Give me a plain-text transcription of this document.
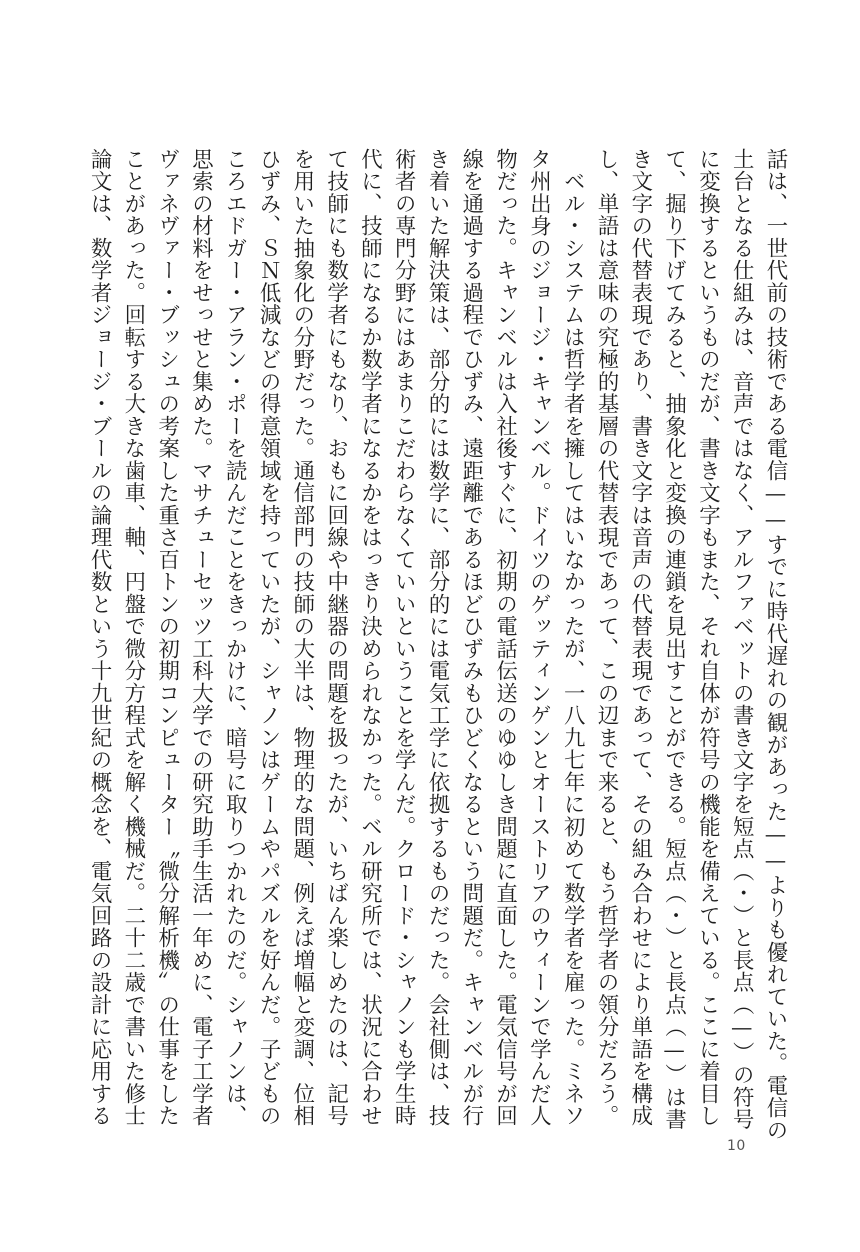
話は、一世代前の技術である電信——すでに時代遅れの観があった——よりも優れていた。電信の
土台となる仕組みは、音声ではなく、アルファベットの書き文字を短点（・）と長点（—）の符号
に変換するというものだが、書き文字もまた、それ自体が符号の機能を備えている。ここに着目し
て、掘り下げてみると、抽象化と変換の連鎖を見出すことができる。短点（・）と長点（—）は書
き文字の代替表現であり、書き文字は音声の代替表現であって、その組み合わせにより単語を構成
し、単語は意味の究極的基層の代替表現であって、この辺まで来ると、もう哲学者の領分だろう。
　ベル・システムは哲学者を擁してはいなかったが、一八九七年に初めて数学者を雇った。ミネソ
タ州出身のジョージ・キャンベル。ドイツのゲッティンゲンとオーストリアのウィーンで学んだ人
物だった。キャンベルは入社後すぐに、初期の電話伝送のゆゆしき問題に直面した。電気信号が回
線を通過する過程でひずみ、遠距離であるほどひずみもひどくなるという問題だ。キャンベルが行
き着いた解決策は、部分的には数学に、部分的には電気工学に依拠するものだった。会社側は、技
術者の専門分野にはあまりこだわらなくていいということを学んだ。クロード・シャノンも学生時
代に、技師になるか数学者になるかをはっきり決められなかった。ベル研究所では、状況に合わせ
て技師にも数学者にもなり、おもに回線や中継器の問題を扱ったが、いちばん楽しめたのは、記号
を用いた抽象化の分野だった。通信部門の技師の大半は、物理的な問題、例えば増幅と変調、位相
ひずみ、ＳＮ低減などの得意領域を持っていたが、シャノンはゲームやパズルを好んだ。子どもの
ころエドガー・アラン・ポーを読んだことをきっかけに、暗号に取りつかれたのだ。シャノンは、
思索の材料をせっせと集めた。マサチューセッツ工科大学での研究助手生活一年めに、電子工学者
ヴァネヴァー・ブッシュの考案した重さ百トンの初期コンピューター〝微分解析機〟の仕事をした
ことがあった。回転する大きな歯車、軸、円盤で微分方程式を解く機械だ。二十二歳で書いた修士
論文は、数学者ジョージ・ブールの論理代数という十九世紀の概念を、電気回路の設計に応用する
10
